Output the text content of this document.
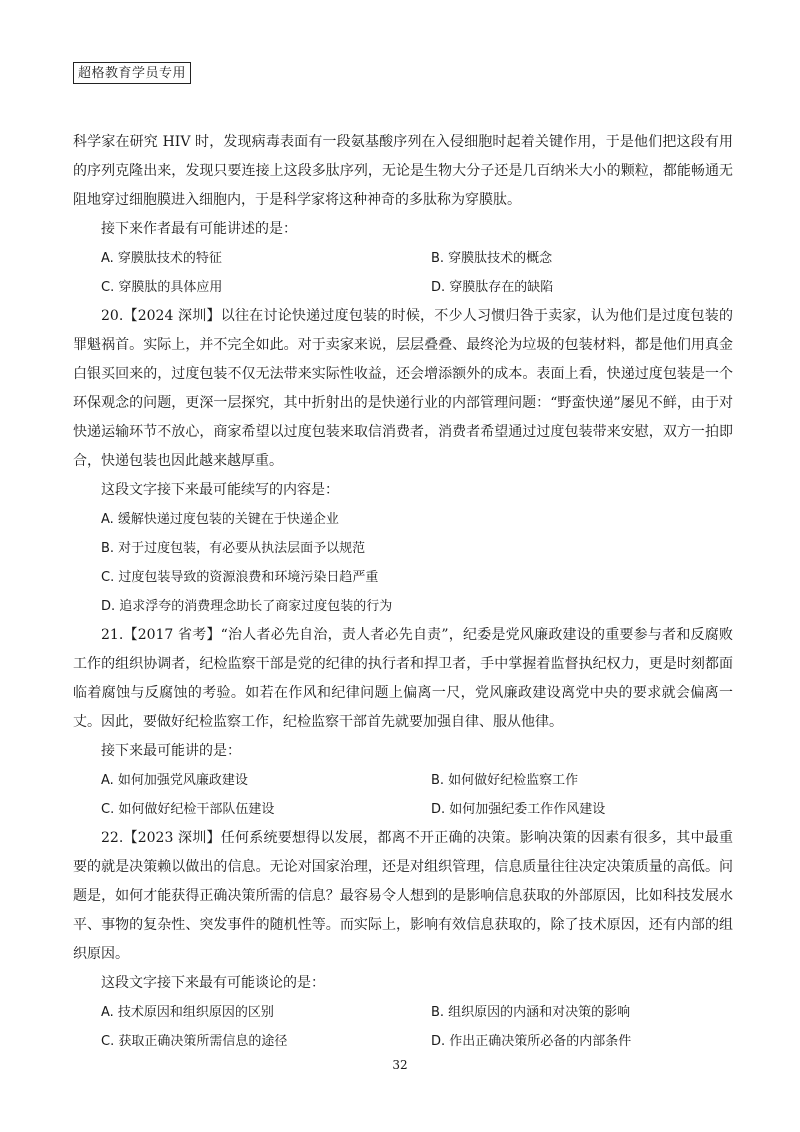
超格教育学员专用

科学家在研究 HIV 时，发现病毒表面有一段氨基酸序列在入侵细胞时起着关键作用，于是他们把这段有用的序列克隆出来，发现只要连接上这段多肽序列，无论是生物大分子还是几百纳米大小的颗粒，都能畅通无阻地穿过细胞膜进入细胞内，于是科学家将这种神奇的多肽称为穿膜肽。

接下来作者最有可能讲述的是：

A. 穿膜肽技术的特征	B. 穿膜肽技术的概念
C. 穿膜肽的具体应用	D. 穿膜肽存在的缺陷

20.【2024 深圳】以往在讨论快递过度包装的时候，不少人习惯归咎于卖家，认为他们是过度包装的罪魁祸首。实际上，并不完全如此。对于卖家来说，层层叠叠、最终沦为垃圾的包装材料，都是他们用真金白银买回来的，过度包装不仅无法带来实际性收益，还会增添额外的成本。表面上看，快递过度包装是一个环保观念的问题，更深一层探究，其中折射出的是快递行业的内部管理问题：“野蛮快递”屡见不鲜，由于对快递运输环节不放心，商家希望以过度包装来取信消费者，消费者希望通过过度包装带来安慰，双方一拍即合，快递包装也因此越来越厚重。

这段文字接下来最可能续写的内容是：

A. 缓解快递过度包装的关键在于快递企业
B. 对于过度包装，有必要从执法层面予以规范
C. 过度包装导致的资源浪费和环境污染日趋严重
D. 追求浮夸的消费理念助长了商家过度包装的行为

21.【2017 省考】“治人者必先自治，责人者必先自责”，纪委是党风廉政建设的重要参与者和反腐败工作的组织协调者，纪检监察干部是党的纪律的执行者和捍卫者，手中掌握着监督执纪权力，更是时刻都面临着腐蚀与反腐蚀的考验。如若在作风和纪律问题上偏离一尺，党风廉政建设离党中央的要求就会偏离一丈。因此，要做好纪检监察工作，纪检监察干部首先就要加强自律、服从他律。

接下来最可能讲的是：

A. 如何加强党风廉政建设	B. 如何做好纪检监察工作
C. 如何做好纪检干部队伍建设	D. 如何加强纪委工作作风建设

22.【2023 深圳】任何系统要想得以发展，都离不开正确的决策。影响决策的因素有很多，其中最重要的就是决策赖以做出的信息。无论对国家治理，还是对组织管理，信息质量往往决定决策质量的高低。问题是，如何才能获得正确决策所需的信息？最容易令人想到的是影响信息获取的外部原因，比如科技发展水平、事物的复杂性、突发事件的随机性等。而实际上，影响有效信息获取的，除了技术原因，还有内部的组织原因。

这段文字接下来最有可能谈论的是：

A. 技术原因和组织原因的区别	B. 组织原因的内涵和对决策的影响
C. 获取正确决策所需信息的途径	D. 作出正确决策所必备的内部条件
32
